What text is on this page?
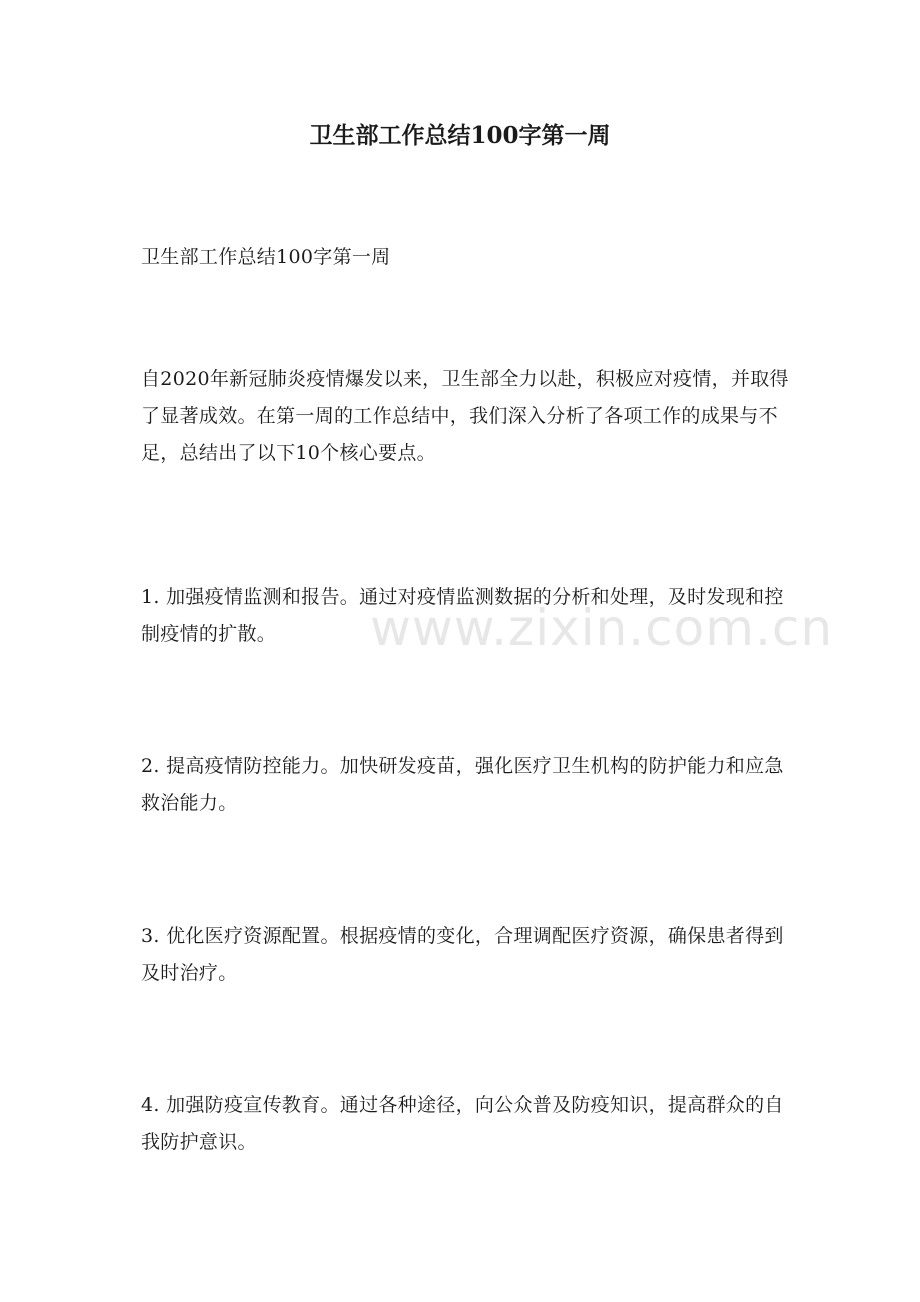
卫生部工作总结100字第一周

卫生部工作总结100字第一周

自2020年新冠肺炎疫情爆发以来，卫生部全力以赴，积极应对疫情，并取得了显著成效。在第一周的工作总结中，我们深入分析了各项工作的成果与不足，总结出了以下10个核心要点。

1. 加强疫情监测和报告。通过对疫情监测数据的分析和处理，及时发现和控制疫情的扩散。

2. 提高疫情防控能力。加快研发疫苗，强化医疗卫生机构的防护能力和应急救治能力。

3. 优化医疗资源配置。根据疫情的变化，合理调配医疗资源，确保患者得到及时治疗。

4. 加强防疫宣传教育。通过各种途径，向公众普及防疫知识，提高群众的自我防护意识。

www.zixin.com.cn
